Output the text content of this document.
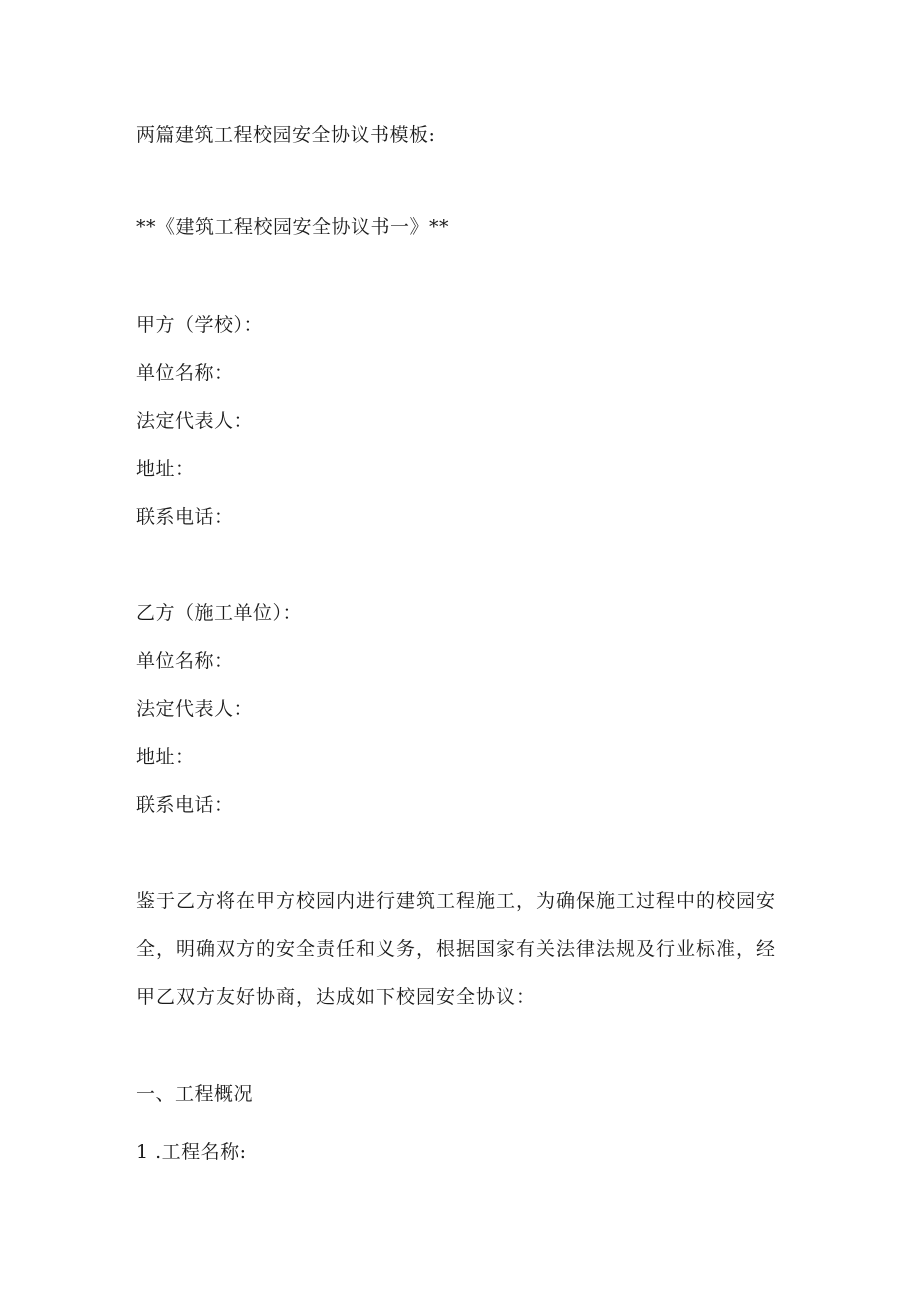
两篇建筑工程校园安全协议书模板:
**《建筑工程校园安全协议书一》**
甲方（学校）：
单位名称：
法定代表人：
地址：
联系电话：
乙方（施工单位）：
单位名称：
法定代表人：
地址：
联系电话：
鉴于乙方将在甲方校园内进行建筑工程施工，为确保施工过程中的校园安全，明确双方的安全责任和义务，根据国家有关法律法规及行业标准，经甲乙双方友好协商，达成如下校园安全协议：
一、工程概况
1 .工程名称:
